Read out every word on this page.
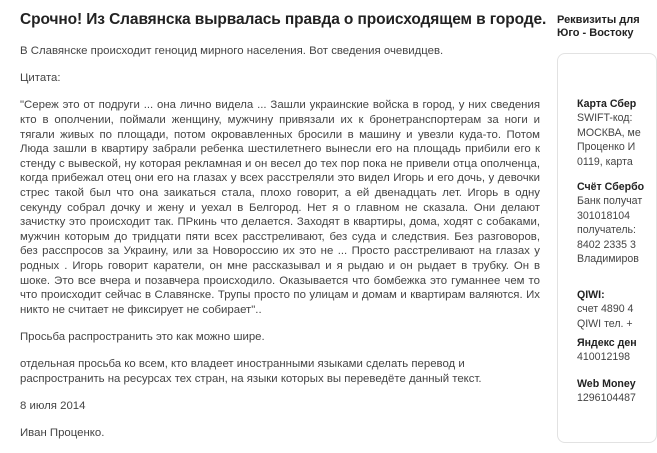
Срочно! Из Славянска вырвалась правда о происходящем в городе.

В Славянске происходит геноцид мирного населения. Вот сведения очевидцев.

Цитата:

"Сереж это от подруги ... она лично видела ... Зашли украинские войска в город, у них сведения кто в ополчении, поймали женщину, мужчину привязали их к бронетранспортерам за ноги и тягали живых по площади, потом окровавленных бросили в машину и увезли куда-то. Потом Люда зашли в квартиру забрали ребенка шестилетнего вынесли его на площадь прибили его к стенду с вывеской, ну которая рекламная и он весел до тех пор пока не привели отца ополченца, когда прибежал отец они его на глазах у всех расстреляли это видел Игорь и его дочь, у девочки стрес такой был что она заикаться стала, плохо говорит, а ей двенадцать лет. Игорь в одну секунду собрал дочку и жену и уехал в Белгород. Нет я о главном не сказала. Они делают зачистку это происходит так. ПРкинь что делается. Заходят в квартиры, дома, ходят с собаками, мужчин которым до тридцати пяти всех расстреливают, без суда и следствия. Без разговоров, без расспросов за Украину, или за Новороссию их это не ... Просто расстреливают на глазах у родных . Игорь говорит каратели, он мне рассказывал и я рыдаю и он рыдает в трубку. Он в шоке. Это все вчера и позавчера происходило. Оказывается что бомбежка это гуманнее чем то что происходит сейчас в Славянске. Трупы просто по улицам и домам и квартирам валяются. Их никто не считает не фиксирует не собирает"..

Просьба распространить это как можно шире.

отдельная просьба ко всем, кто владеет иностранными языками сделать перевод и распространить на ресурсах тех стран, на языки которых вы переведёте данный текст.

8 июля 2014

Иван Проценко.

Реквизиты для
Юго - Востоку
Карта Сбер
SWIFT-код:
МОСКВА, ме
Проценко И
0119, карта
Счёт Сбербо
Банк получат
301018104
получатель:
8402 2335 3
Владимиров
QIWI:
счет 4890 4
QIWI тел. +
Яндекс ден
410012198
Web Money
1296104487
